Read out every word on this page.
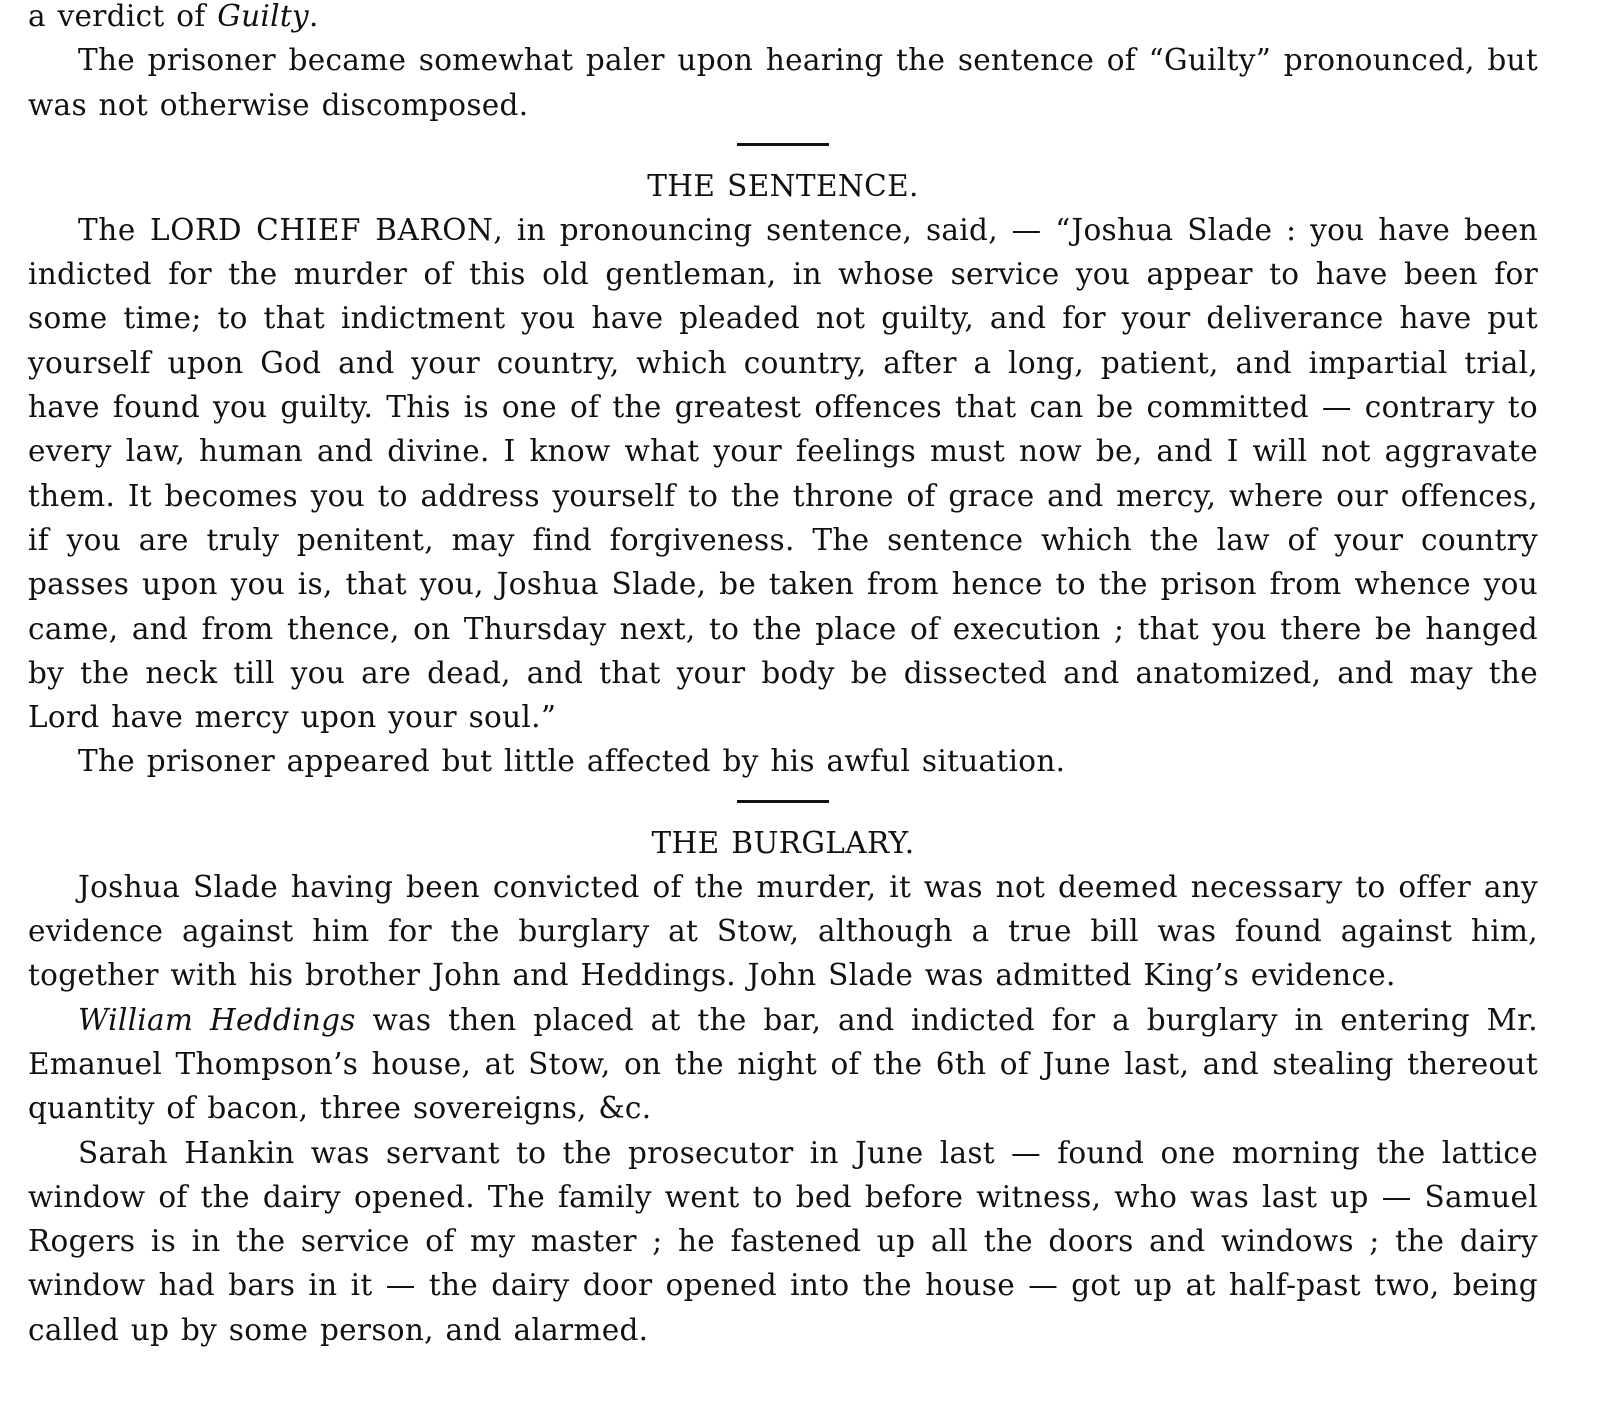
a verdict of Guilty.

The prisoner became somewhat paler upon hearing the sentence of “Guilty” pronounced, but was not otherwise discomposed.

THE SENTENCE.

The LORD CHIEF BARON, in pronouncing sentence, said, — “Joshua Slade : you have been indicted for the murder of this old gentleman, in whose service you appear to have been for some time; to that indictment you have pleaded not guilty, and for your deliverance have put yourself upon God and your country, which country, after a long, patient, and impartial trial, have found you guilty. This is one of the greatest offences that can be committed — contrary to every law, human and divine. I know what your feelings must now be, and I will not aggravate them. It becomes you to address yourself to the throne of grace and mercy, where our offences, if you are truly penitent, may find forgiveness. The sentence which the law of your country passes upon you is, that you, Joshua Slade, be taken from hence to the prison from whence you came, and from thence, on Thursday next, to the place of execution ; that you there be hanged by the neck till you are dead, and that your body be dissected and anatomized, and may the Lord have mercy upon your soul.”

The prisoner appeared but little affected by his awful situation.

THE BURGLARY.

Joshua Slade having been convicted of the murder, it was not deemed necessary to offer any evidence against him for the burglary at Stow, although a true bill was found against him, together with his brother John and Heddings. John Slade was admitted King’s evidence.

William Heddings was then placed at the bar, and indicted for a burglary in entering Mr. Emanuel Thompson’s house, at Stow, on the night of the 6th of June last, and stealing thereout quantity of bacon, three sovereigns, &c.

Sarah Hankin was servant to the prosecutor in June last — found one morning the lattice window of the dairy opened. The family went to bed before witness, who was last up — Samuel Rogers is in the service of my master ; he fastened up all the doors and windows ; the dairy window had bars in it — the dairy door opened into the house — got up at half-past two, being called up by some person, and alarmed.
